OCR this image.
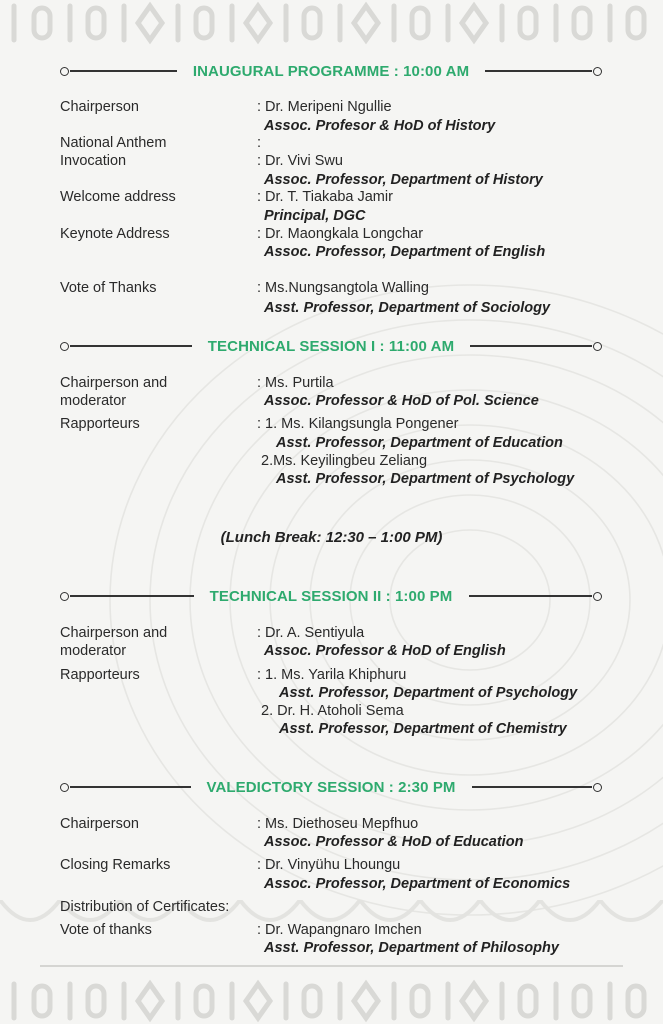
INAUGURAL PROGRAMME : 10:00 AM
Chairperson	: Dr. Meripeni Ngullie
Assoc. Profesor & HoD of History
National Anthem	:
Invocation	: Dr. Vivi Swu
Assoc. Professor, Department of History
Welcome address	: Dr. T. Tiakaba Jamir
Principal, DGC
Keynote Address	: Dr. Maongkala Longchar
Assoc. Professor, Department of English
Vote of Thanks	: Ms.Nungsangtola Walling
Asst. Professor, Department of Sociology
TECHNICAL SESSION I : 11:00 AM
Chairperson and
moderator
: Ms. Purtila
Assoc. Professor & HoD of Pol. Science
Rapporteurs	: 1. Ms. Kilangsungla Pongener
Asst. Professor, Department of Education
2.Ms. Keyilingbeu Zeliang
Asst. Professor, Department of Psychology
(Lunch Break: 12:30 – 1:00 PM)
TECHNICAL SESSION II : 1:00 PM
Chairperson and
moderator
: Dr. A. Sentiyula
Assoc. Professor & HoD of English
Rapporteurs	: 1. Ms. Yarila Khiphuru
Asst. Professor, Department of Psychology
2. Dr. H. Atoholi Sema
Asst. Professor, Department of Chemistry
VALEDICTORY SESSION : 2:30 PM
Chairperson	: Ms. Diethoseu Mepfhuo
Assoc. Professor & HoD of Education
Closing Remarks	: Dr. Vinyühu Lhoungu
Assoc. Professor, Department of Economics
Distribution of Certificates:
Vote of thanks	: Dr. Wapangnaro Imchen
Asst. Professor, Department of Philosophy
